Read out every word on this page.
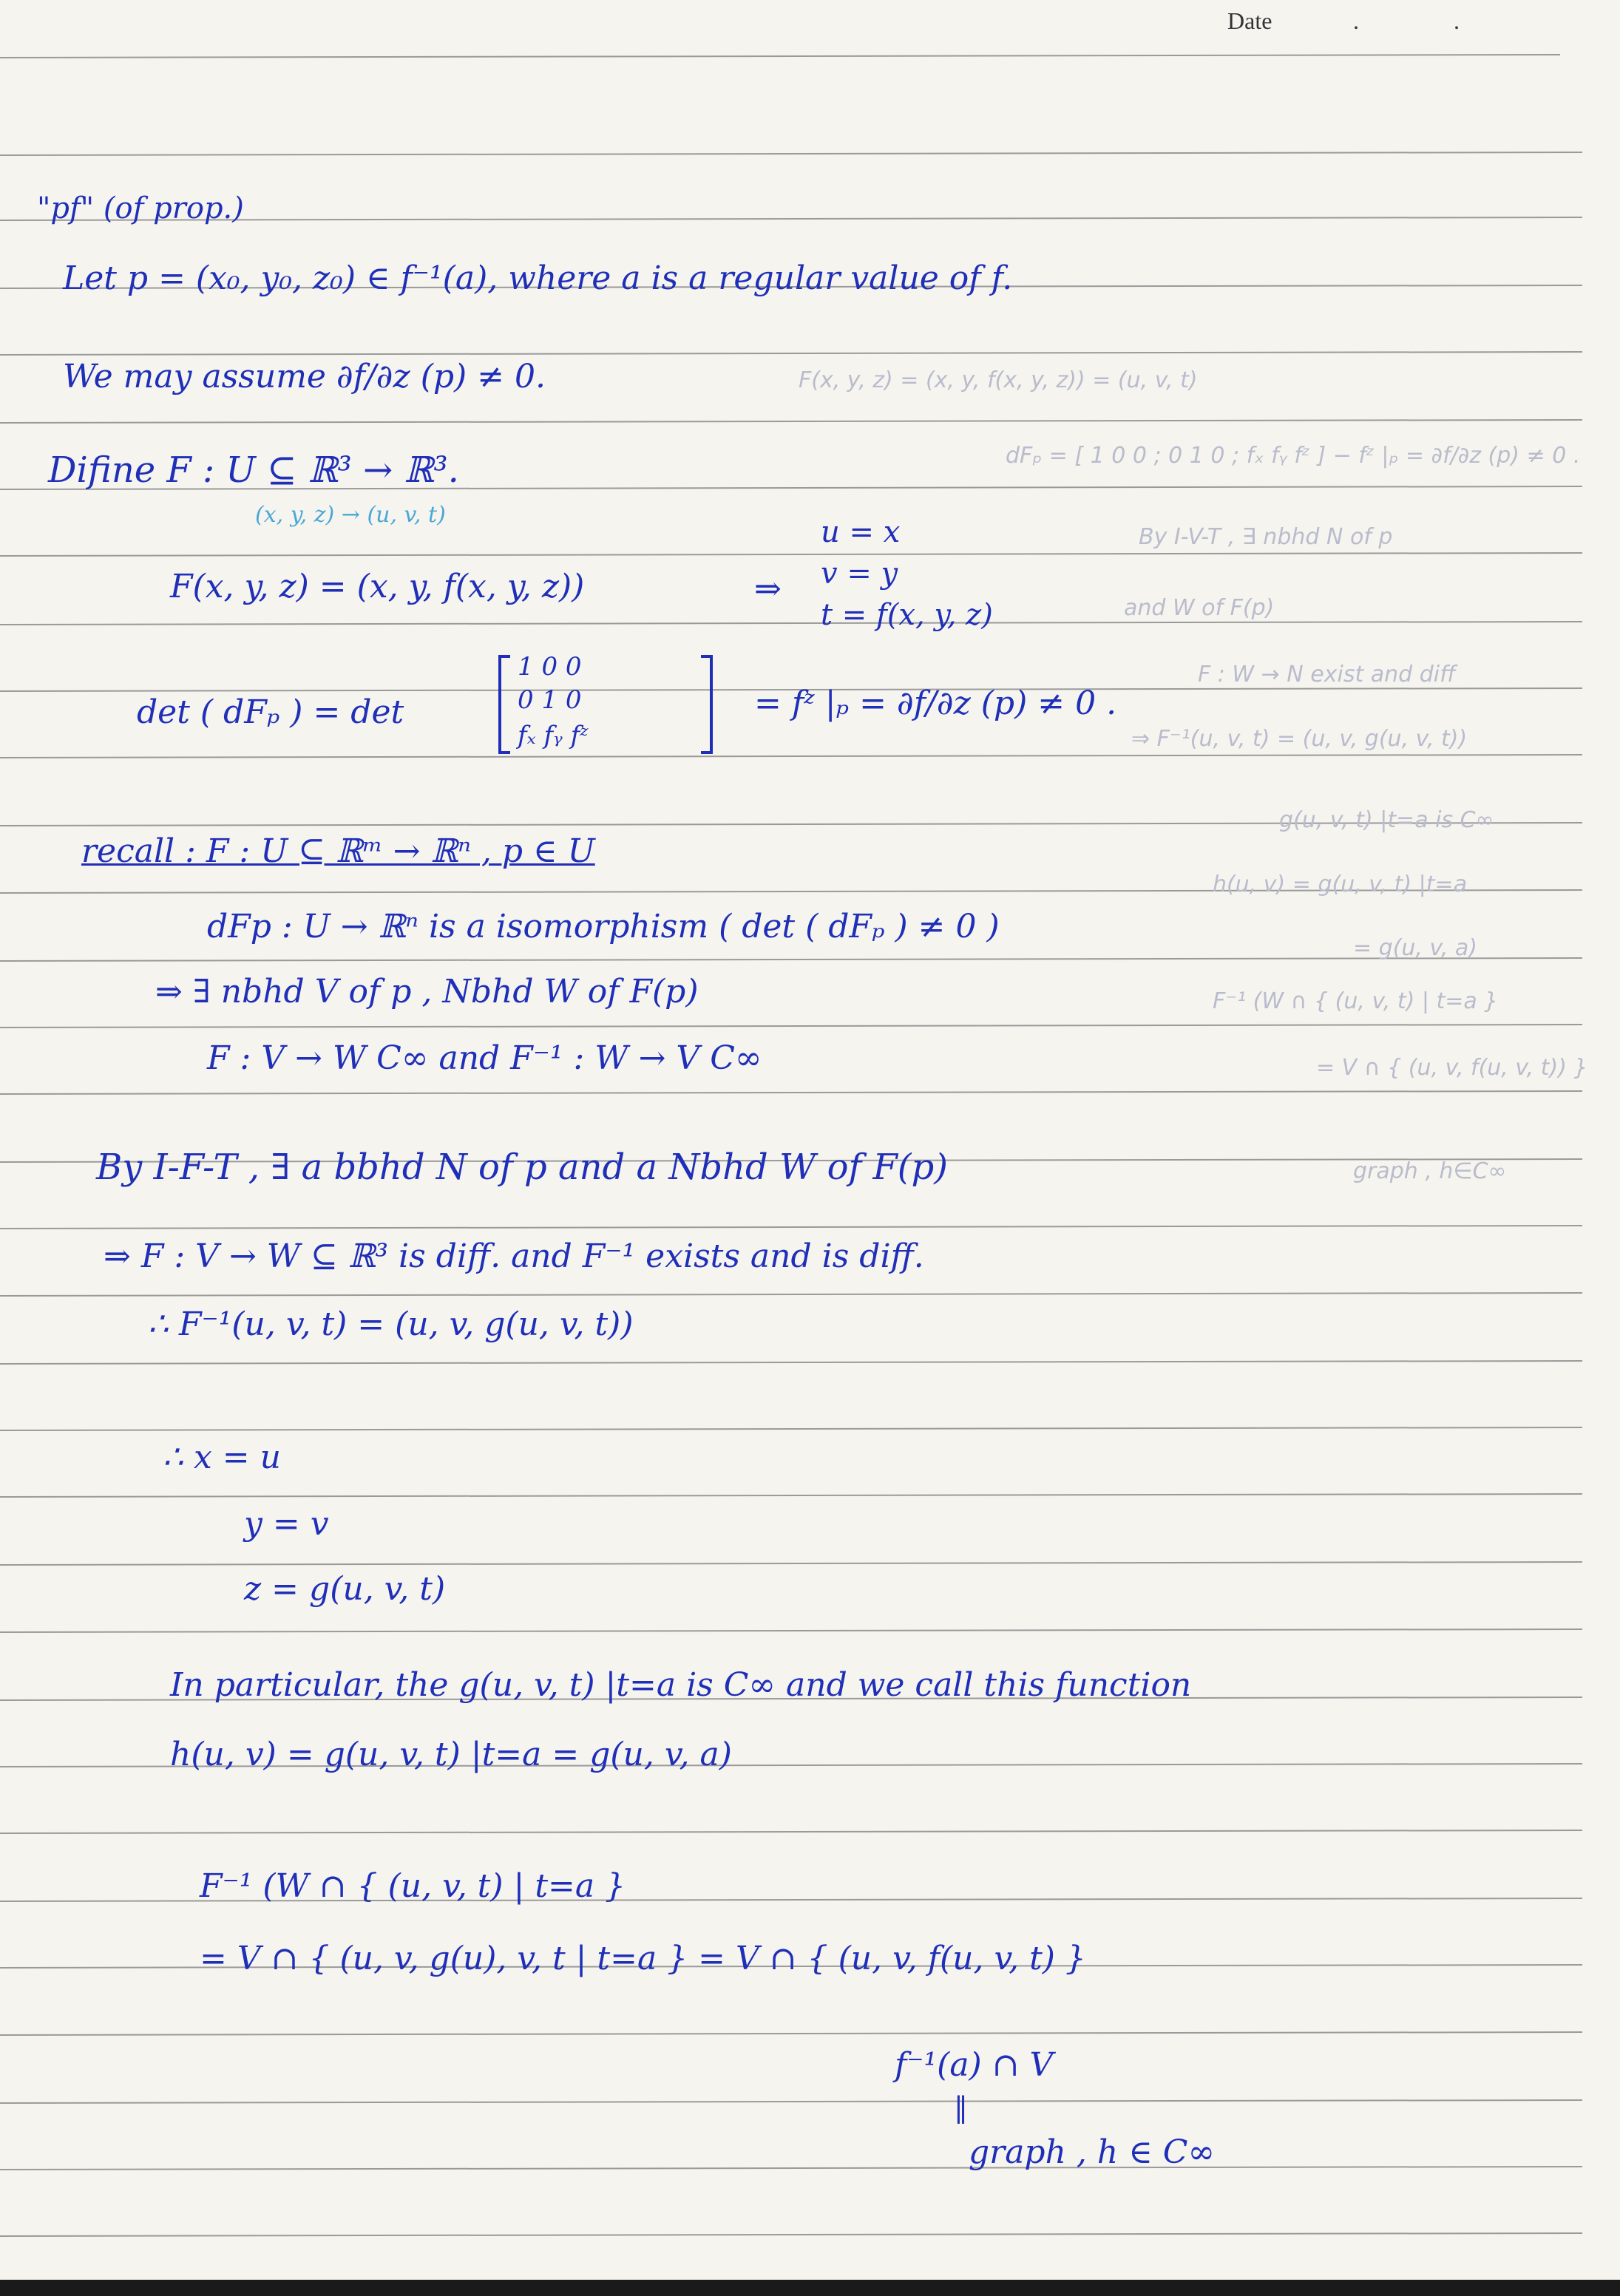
Date	. .
"pf" (of prop.)
Let p = (x₀, y₀, z₀) ∈ f⁻¹(a), where a is a regular value of f.
We may assume ∂f/∂z (p) ≠ 0.
Difine F : U ⊆ ℝ³ → ℝ³.
(x, y, z) → (u, v, t)
F(x, y, z) = (x, y, f(x, y, z))	⇒
u = x
v = y
t = f(x, y, z)
det ( dFₚ ) = det
1 0 0
0 1 0
fₓ fᵧ fᶻ
= fᶻ |ₚ = ∂f/∂z (p) ≠ 0 .
recall : F : U ⊆ ℝᵐ → ℝⁿ , p ∈ U
dFp : U → ℝⁿ is a isomorphism ( det ( dFₚ ) ≠ 0 )
⇒ ∃ nbhd V of p , Nbhd W of F(p)
F : V → W C∞ and F⁻¹ : W → V C∞
By I-F-T , ∃ a bbhd N of p and a Nbhd W of F(p)
⇒ F : V → W ⊆ ℝ³ is diff. and F⁻¹ exists and is diff.
∴ F⁻¹(u, v, t) = (u, v, g(u, v, t))
∴ x = u
y = v
z = g(u, v, t)
In particular, the g(u, v, t) |t=a is C∞ and we call this function
h(u, v) = g(u, v, t) |t=a = g(u, v, a)
F⁻¹ (W ∩ { (u, v, t) | t=a }
= V ∩ { (u, v, g(u), v, t | t=a } = V ∩ { (u, v, f(u, v, t) }
f⁻¹(a) ∩ V
‖
graph , h ∈ C∞
F(x, y, z) = (x, y, f(x, y, z)) = (u, v, t)
dFₚ = [ 1 0 0 ; 0 1 0 ; fₓ fᵧ fᶻ ] − fᶻ |ₚ = ∂f/∂z (p) ≠ 0 .
By I-V-T , ∃ nbhd N of p
and W of F(p)
F : W → N exist and diff
⇒ F⁻¹(u, v, t) = (u, v, g(u, v, t))
g(u, v, t) |t=a is C∞
h(u, v) = g(u, v, t) |t=a
= g(u, v, a)
F⁻¹ (W ∩ { (u, v, t) | t=a }
= V ∩ { (u, v, f(u, v, t)) }
graph , h∈C∞
